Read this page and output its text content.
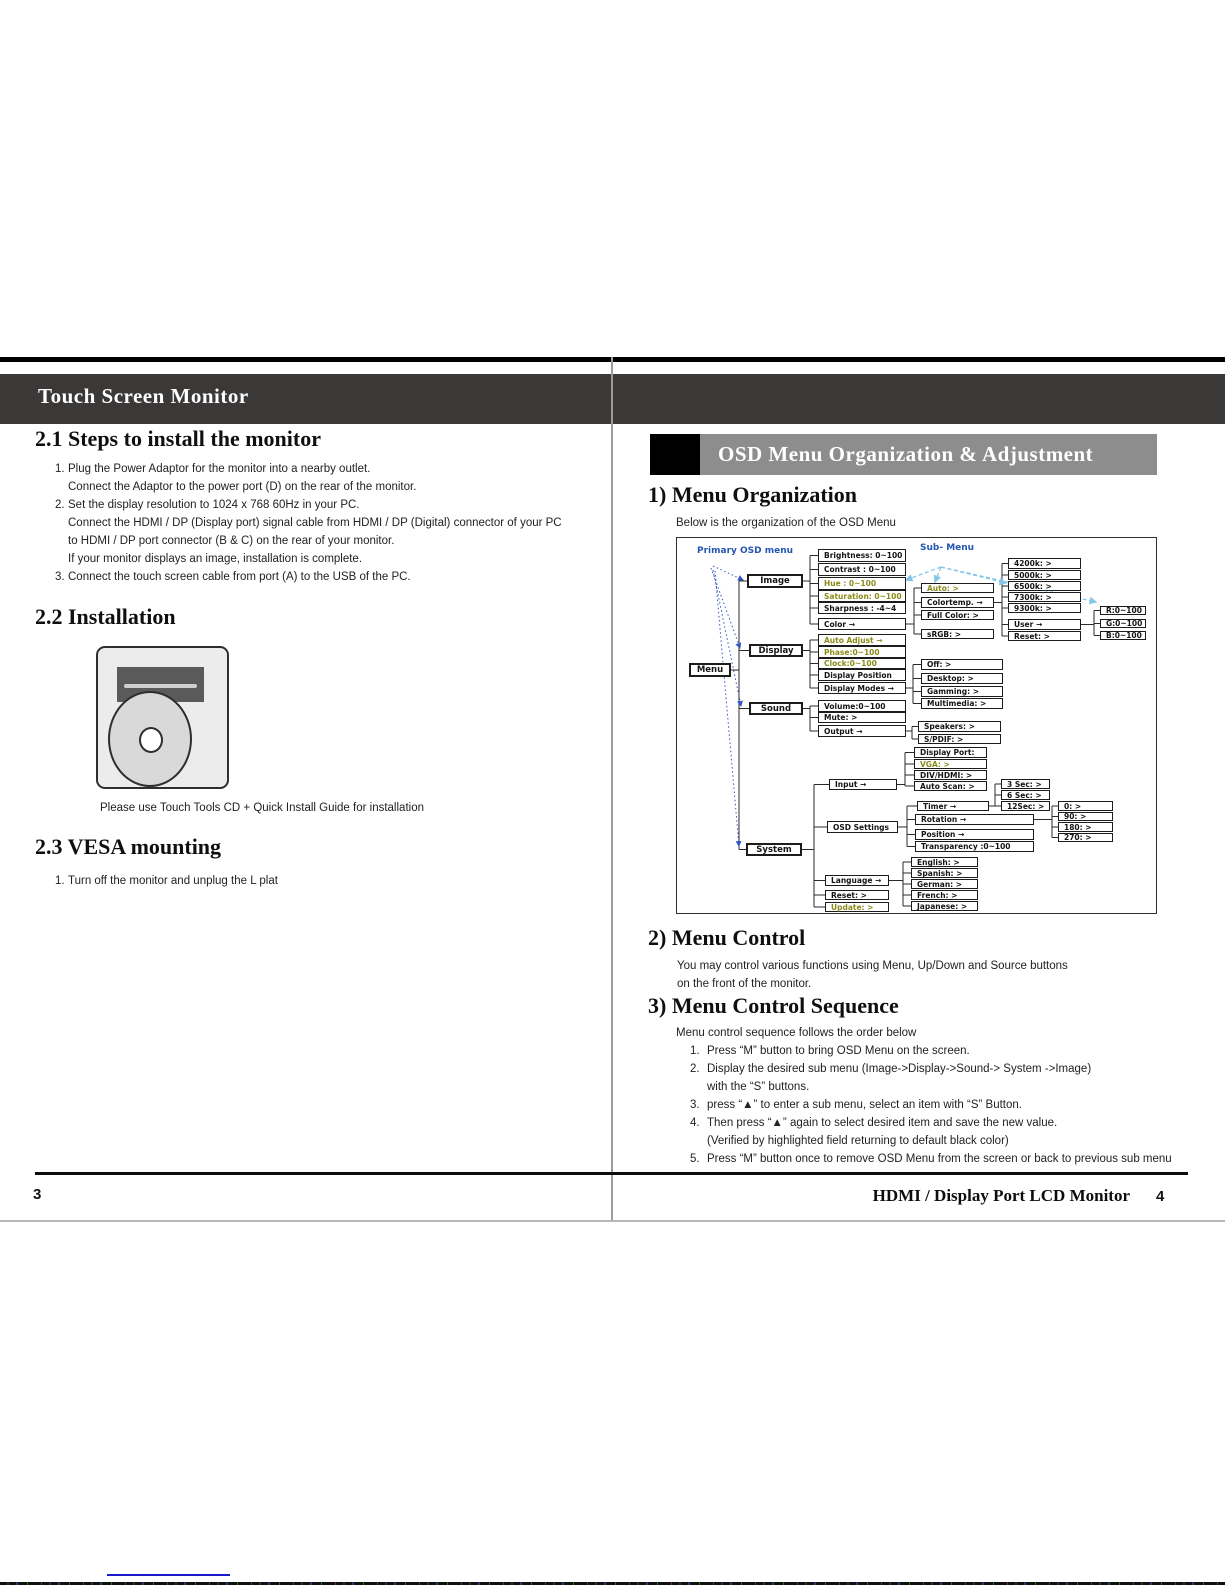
Touch Screen Monitor
2.1 Steps to install the monitor
1. Plug the Power Adaptor for the monitor into a nearby outlet.
Connect the Adaptor to the power port (D) on the rear of the monitor.
2. Set the display resolution to 1024 x 768 60Hz in your PC.
Connect the HDMI / DP (Display port) signal cable from HDMI / DP (Digital) connector of your PC
to HDMI / DP port connector (B & C) on the rear of your monitor.
If your monitor displays an image, installation is complete.
3. Connect the touch screen cable from port (A) to the USB of the PC.
2.2 Installation
Please use Touch Tools CD + Quick Install Guide for installation
2.3 VESA mounting
1. Turn off the monitor and unplug the L plat
OSD Menu Organization & Adjustment
1) Menu Organization
Below is the organization of the OSD Menu
Primary OSD menu	Sub- Menu
Menu
Image
Display
Sound
System
Brightness: 0~100
Contrast : 0~100
Hue : 0~100
Saturation: 0~100
Sharpness : -4~4
Color →
Auto Adjust →
Phase:0~100
Clock:0~100
Display Position
Display Modes →
Volume:0~100
Mute: >
Output →
Input →
OSD Settings
Language →
Reset: >
Update: >
Auto: >
Colortemp. →
Full Color: >
sRGB: >
Off: >
Desktop: >
Gamming: >
Multimedia: >
Speakers: >
S/PDIF: >
Display Port:
VGA: >
DIV/HDMI: >
Auto Scan: >
Timer →
Rotation →
Position →
Transparency :0~100
English: >
Spanish: >
German: >
French: >
Japanese: >
3 Sec: >
6 Sec: >
12Sec: >	0: >
90: >
180: >
270: >
4200k: >
5000k: >
6500k: >
7300k: >
9300k: >
User →
Reset: >
R:0~100
G:0~100
B:0~100
2) Menu Control
You may control various functions using Menu, Up/Down and Source buttons
on the front of the monitor.
3) Menu Control Sequence
Menu control sequence follows the order below
1. Press “M” button to bring OSD Menu on the screen.
2. Display the desired sub menu (Image->Display->Sound-> System ->Image)
with the “S” buttons.
3. press “▲” to enter a sub menu, select an item with “S” Button.
4. Then press “▲” again to select desired item and save the new value.
(Verified by highlighted field returning to default black color)
5. Press “M” button once to remove OSD Menu from the screen or back to previous sub menu
3	HDMI / Display Port LCD Monitor 4
